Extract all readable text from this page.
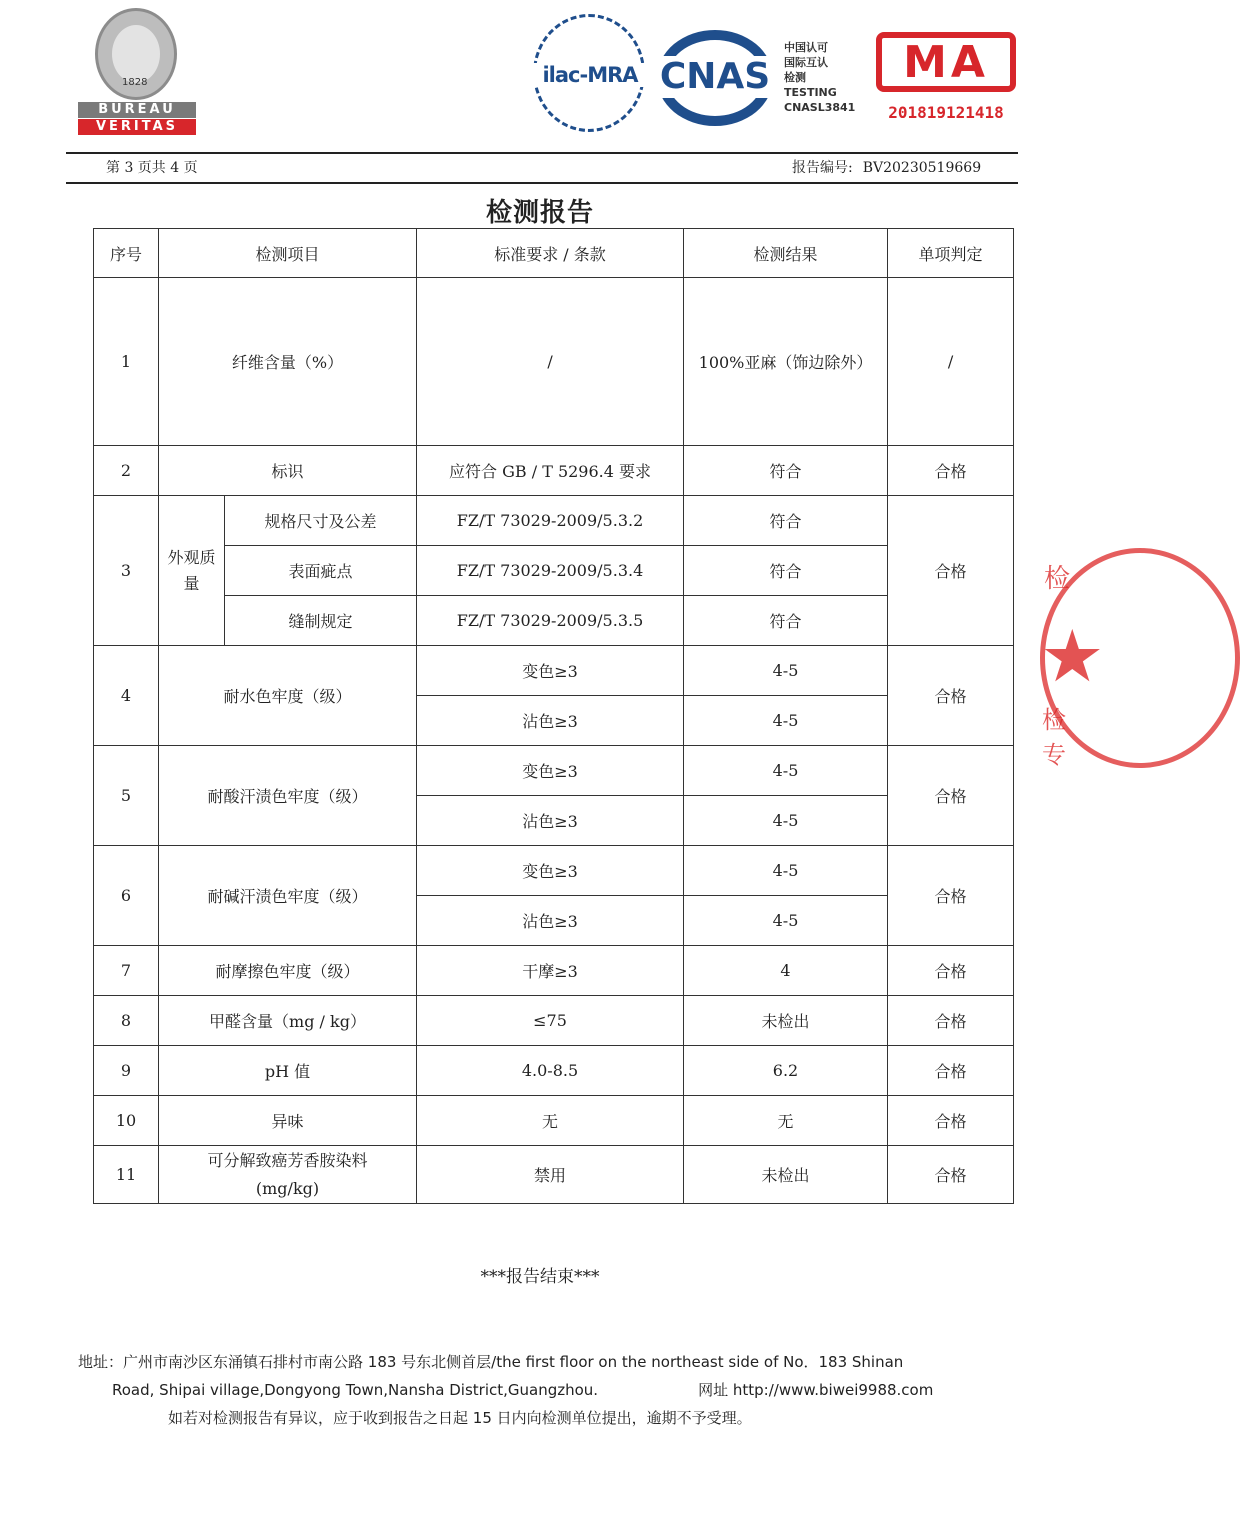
1828
BUREAU
VERITAS
ilac-MRA CNAS
中国认可
国际互认
检测
TESTING
CNASL3841
MA
201819121418
第 3 页共 4 页	报告编号: BV20230519669
检测报告
序号	检测项目		标准要求 / 条款	检测结果	单项判定
1	纤维含量（%）		/	100%亚麻（饰边除外）	/
2	标识		应符合 GB / T 5296.4 要求	符合	合格
3	外观质量	规格尺寸及公差	FZ/T 73029-2009/5.3.2	符合	合格
		表面疵点	FZ/T 73029-2009/5.3.4	符合	
		缝制规定	FZ/T 73029-2009/5.3.5	符合	
4	耐水色牢度（级）		变色≥3	4-5	合格
			沾色≥3	4-5	
5	耐酸汗渍色牢度（级）		变色≥3	4-5	合格
			沾色≥3	4-5	
6	耐碱汗渍色牢度（级）		变色≥3	4-5	合格
			沾色≥3	4-5	
7	耐摩擦色牢度（级）		干摩≥3	4	合格
8	甲醛含量（mg / kg）		≤75	未检出	合格
9	pH 值		4.0-8.5	6.2	合格
10	异味		无	无	合格
11	可分解致癌芳香胺染料
(mg/kg)		禁用	未检出	合格
***报告结束***
地址：广州市南沙区东涌镇石排村市南公路 183 号东北侧首层/the first floor on the northeast side of No．183 Shinan
Road, Shipai village,Dongyong Town,Nansha District,Guangzhou.	网址 http://www.biwei9988.com
如若对检测报告有异议，应于收到报告之日起 15 日内向检测单位提出，逾期不予受理。
检
★
检专
